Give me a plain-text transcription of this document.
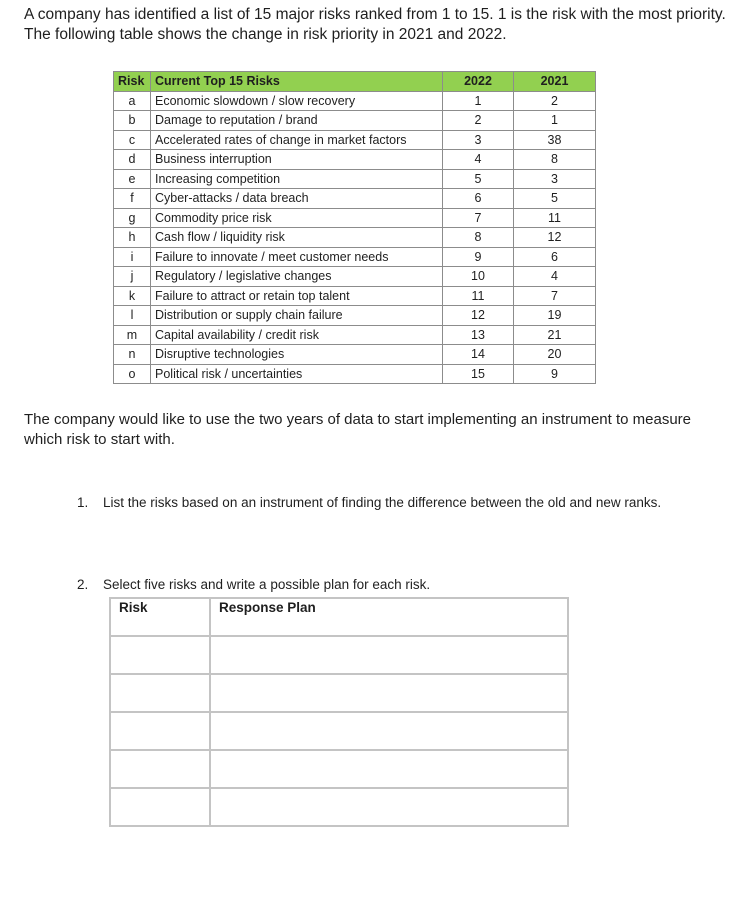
A company has identified a list of 15 major risks ranked from 1 to 15. 1 is the risk with the most priority. The following table shows the change in risk priority in 2021 and 2022.

Risk	Current Top 15 Risks	2022	2021
a	Economic slowdown / slow recovery	1	2
b	Damage to reputation / brand	2	1
c	Accelerated rates of change in market factors	3	38
d	Business interruption	4	8
e	Increasing competition	5	3
f	Cyber-attacks / data breach	6	5
g	Commodity price risk	7	11
h	Cash flow / liquidity risk	8	12
i	Failure to innovate / meet customer needs	9	6
j	Regulatory / legislative changes	10	4
k	Failure to attract or retain top talent	11	7
l	Distribution or supply chain failure	12	19
m	Capital availability / credit risk	13	21
n	Disruptive technologies	14	20
o	Political risk / uncertainties	15	9

The company would like to use the two years of data to start implementing an instrument to measure which risk to start with.

1. List the risks based on an instrument of finding the difference between the old and new ranks.

2. Select five risks and write a possible plan for each risk.

Risk	Response Plan
